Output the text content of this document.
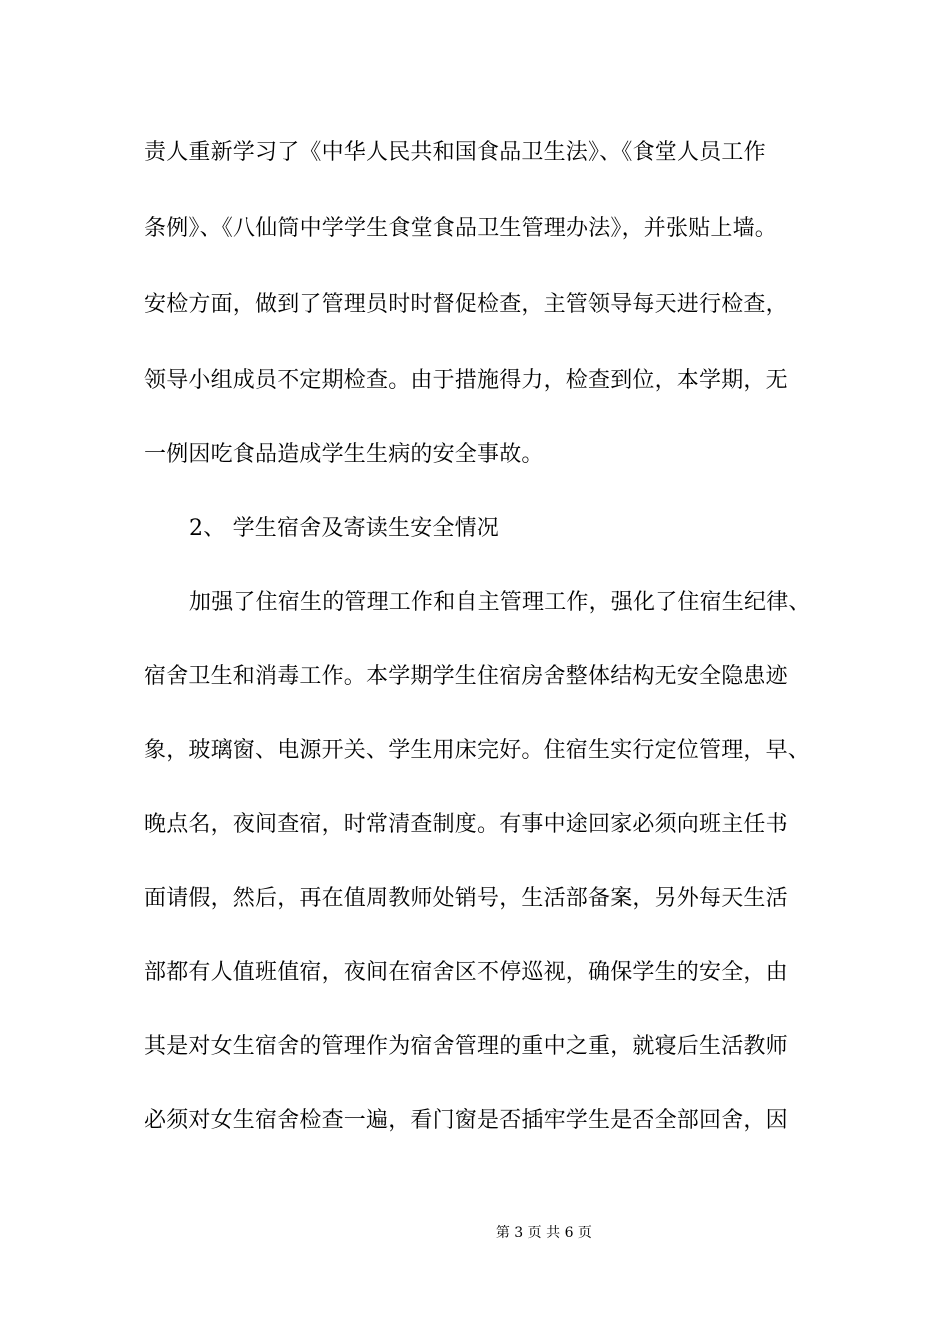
责人重新学习了《中华人民共和国食品卫生法》、《食堂人员工作
条例》、《八仙筒中学学生食堂食品卫生管理办法》，并张贴上墙。
安检方面，做到了管理员时时督促检查，主管领导每天进行检查，
领导小组成员不定期检查。由于措施得力，检查到位，本学期，无
一例因吃食品造成学生生病的安全事故。
2、 学生宿舍及寄读生安全情况
加强了住宿生的管理工作和自主管理工作，强化了住宿生纪律、
宿舍卫生和消毒工作。本学期学生住宿房舍整体结构无安全隐患迹
象，玻璃窗、电源开关、学生用床完好。住宿生实行定位管理，早、
晚点名，夜间查宿，时常清查制度。有事中途回家必须向班主任书
面请假，然后，再在值周教师处销号，生活部备案，另外每天生活
部都有人值班值宿，夜间在宿舍区不停巡视，确保学生的安全，由
其是对女生宿舍的管理作为宿舍管理的重中之重，就寝后生活教师
必须对女生宿舍检查一遍，看门窗是否插牢学生是否全部回舍，因

第 3 页 共 6 页
